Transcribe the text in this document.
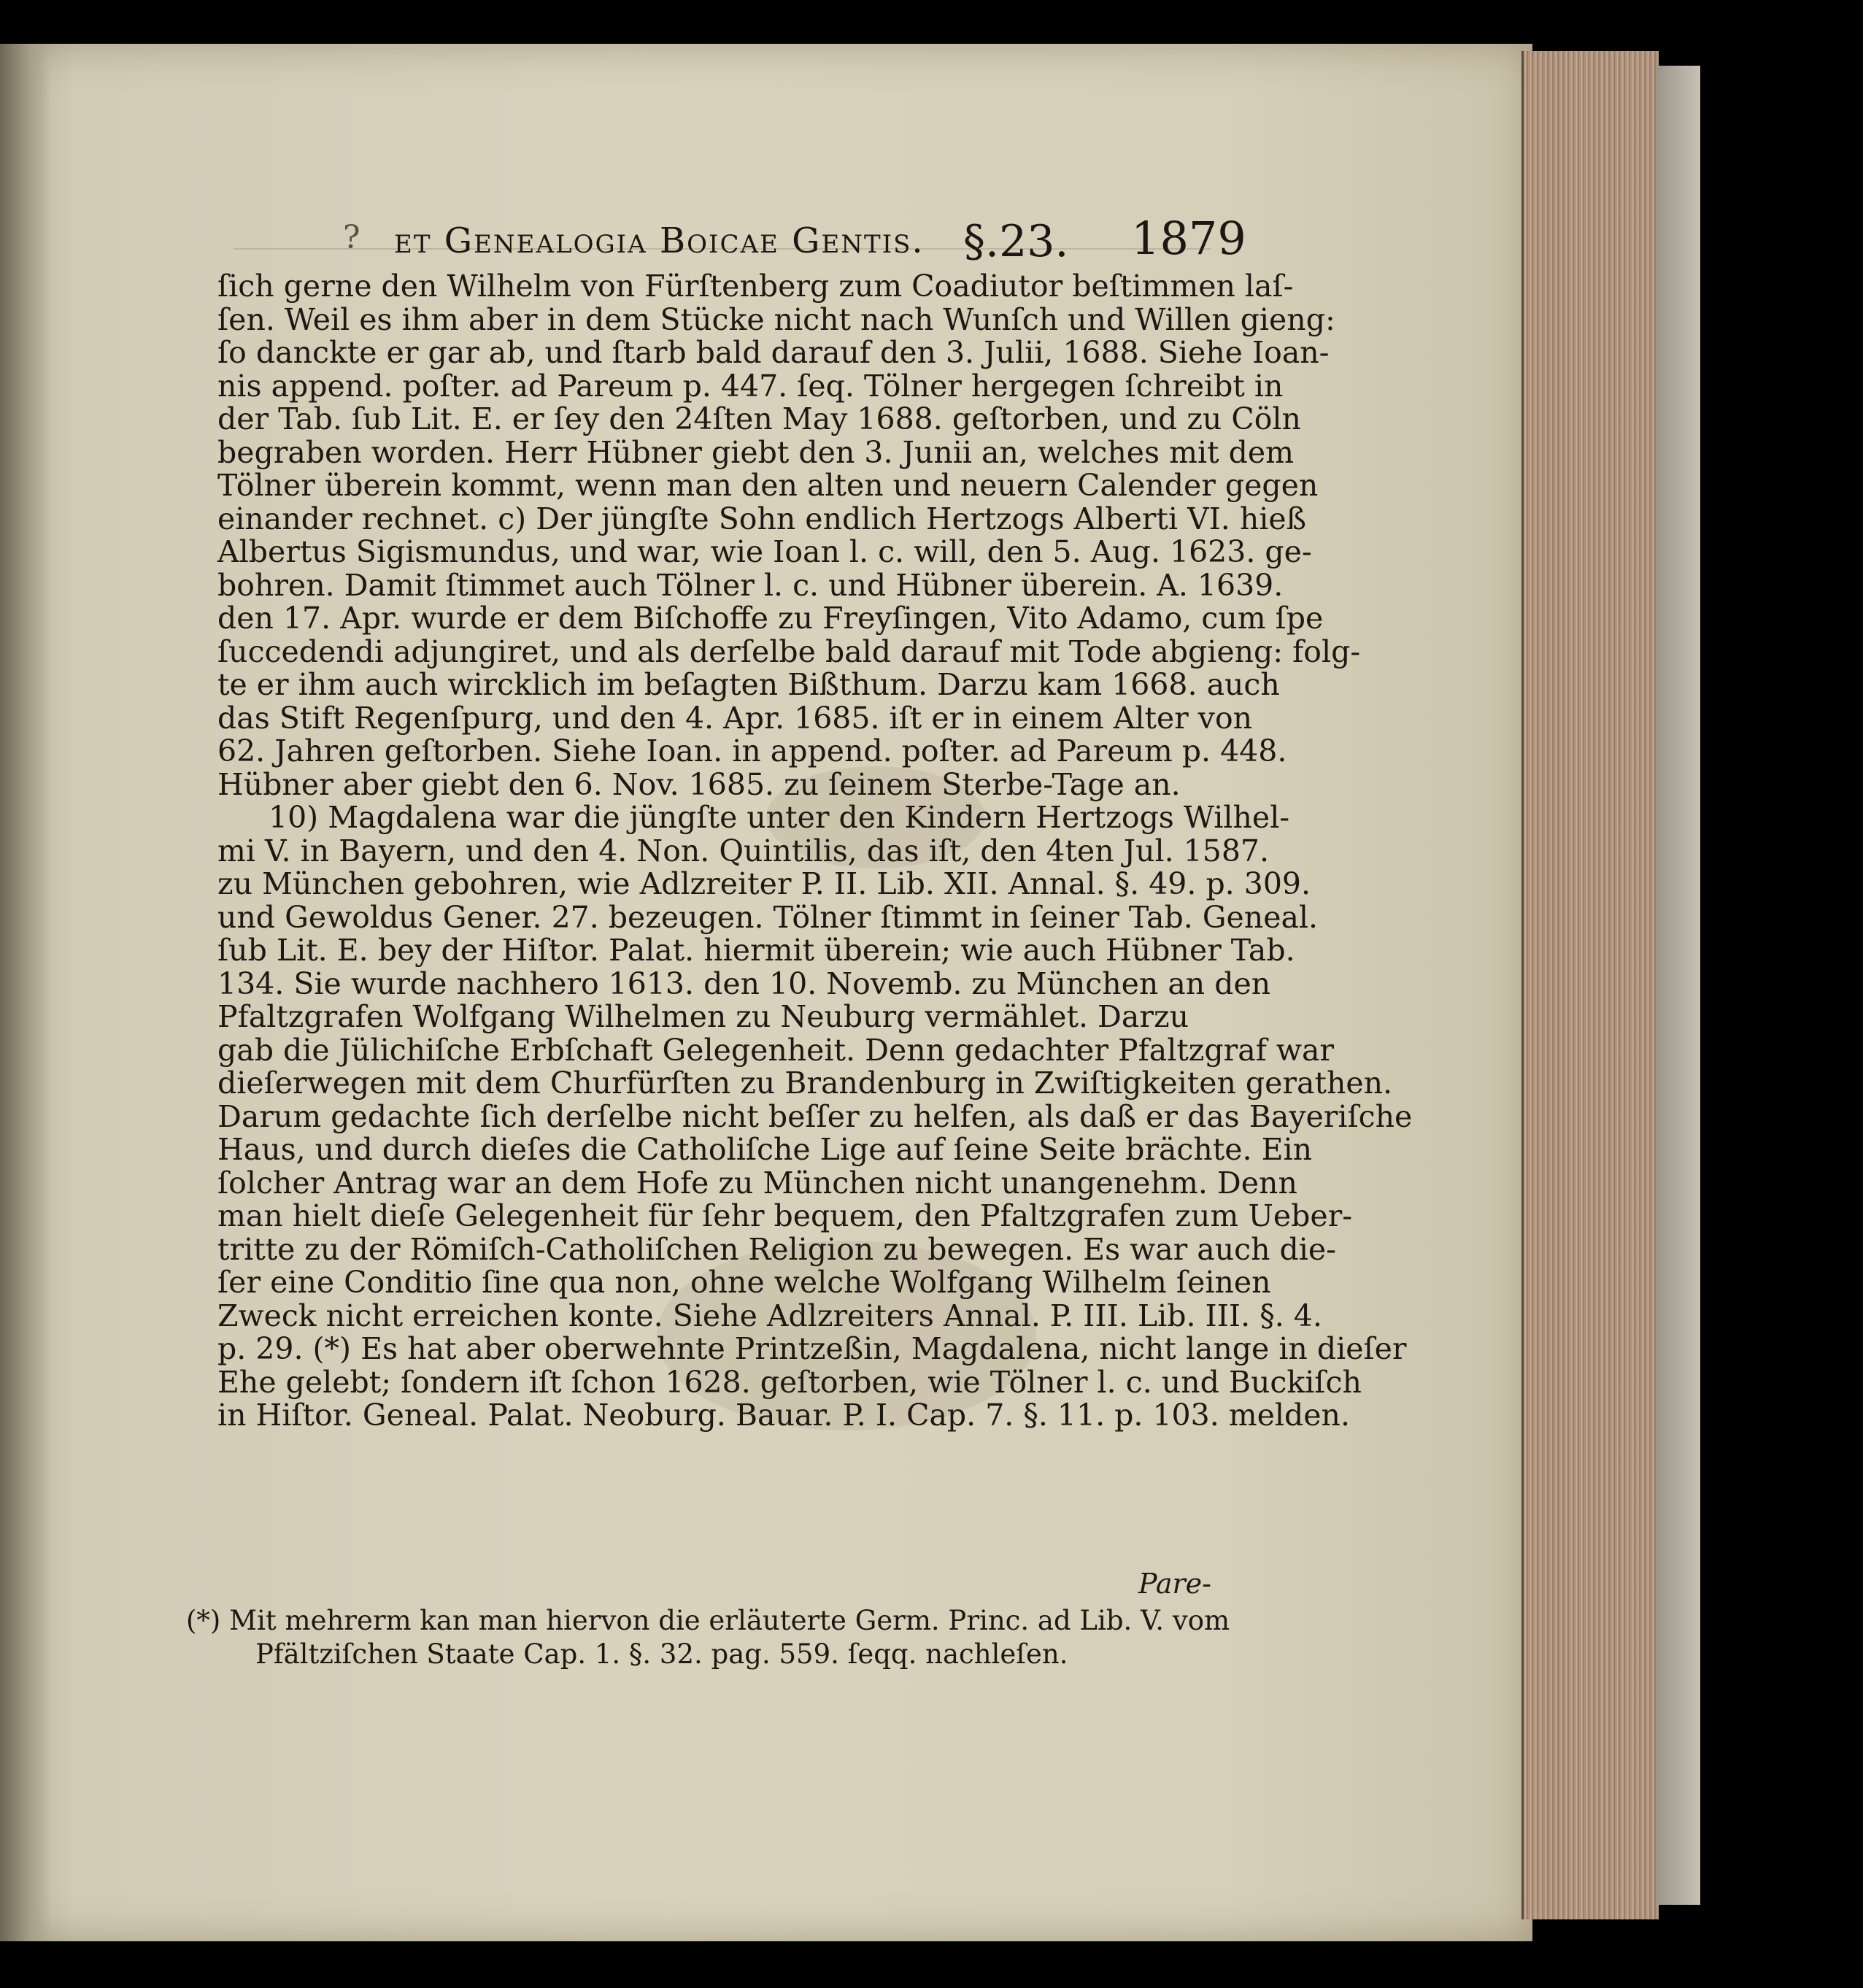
? et Genealogia Boicae Gentis. §.23. 1879
ſich gerne den Wilhelm von Fürſtenberg zum Coadiutor beſtimmen laſ-
ſen. Weil es ihm aber in dem Stücke nicht nach Wunſch und Willen gieng:
ſo danckte er gar ab, und ſtarb bald darauf den 3. Julii, 1688. Siehe Ioan-
nis append. poſter. ad Pareum p. 447. ſeq. Tölner hergegen ſchreibt in
der Tab. ſub Lit. E. er ſey den 24ſten May 1688. geſtorben, und zu Cöln
begraben worden. Herr Hübner giebt den 3. Junii an, welches mit dem
Tölner überein kommt, wenn man den alten und neuern Calender gegen
einander rechnet. c) Der jüngſte Sohn endlich Hertzogs Alberti VI. hieß
Albertus Sigismundus, und war, wie Ioan l. c. will, den 5. Aug. 1623. ge-
bohren. Damit ſtimmet auch Tölner l. c. und Hübner überein. A. 1639.
den 17. Apr. wurde er dem Biſchoffe zu Freyſingen, Vito Adamo, cum ſpe
ſuccedendi adjungiret, und als derſelbe bald darauf mit Tode abgieng: folg-
te er ihm auch wircklich im beſagten Bißthum. Darzu kam 1668. auch
das Stift Regenſpurg, und den 4. Apr. 1685. iſt er in einem Alter von
62. Jahren geſtorben. Siehe Ioan. in append. poſter. ad Pareum p. 448.
Hübner aber giebt den 6. Nov. 1685. zu ſeinem Sterbe-Tage an.
10) Magdalena war die jüngſte unter den Kindern Hertzogs Wilhel-
mi V. in Bayern, und den 4. Non. Quintilis, das iſt, den 4ten Jul. 1587.
zu München gebohren, wie Adlzreiter P. II. Lib. XII. Annal. §. 49. p. 309.
und Gewoldus Gener. 27. bezeugen. Tölner ſtimmt in ſeiner Tab. Geneal.
ſub Lit. E. bey der Hiſtor. Palat. hiermit überein; wie auch Hübner Tab.
134. Sie wurde nachhero 1613. den 10. Novemb. zu München an den
Pfaltzgrafen Wolfgang Wilhelmen zu Neuburg vermählet. Darzu
gab die Jülichiſche Erbſchaft Gelegenheit. Denn gedachter Pfaltzgraf war
dieſerwegen mit dem Churfürſten zu Brandenburg in Zwiſtigkeiten gerathen.
Darum gedachte ſich derſelbe nicht beſſer zu helfen, als daß er das Bayeriſche
Haus, und durch dieſes die Catholiſche Lige auf ſeine Seite brächte. Ein
ſolcher Antrag war an dem Hofe zu München nicht unangenehm. Denn
man hielt dieſe Gelegenheit für ſehr bequem, den Pfaltzgrafen zum Ueber-
tritte zu der Römiſch-Catholiſchen Religion zu bewegen. Es war auch die-
ſer eine Conditio ſine qua non, ohne welche Wolfgang Wilhelm ſeinen
Zweck nicht erreichen konte. Siehe Adlzreiters Annal. P. III. Lib. III. §. 4.
p. 29. (*) Es hat aber oberwehnte Printzeßin, Magdalena, nicht lange in dieſer
Ehe gelebt; ſondern iſt ſchon 1628. geſtorben, wie Tölner l. c. und Buckiſch
in Hiſtor. Geneal. Palat. Neoburg. Bauar. P. I. Cap. 7. §. 11. p. 103. melden.
Pare-
(*) Mit mehrerm kan man hiervon die erläuterte Germ. Princ. ad Lib. V. vom
Pfältziſchen Staate Cap. 1. §. 32. pag. 559. ſeqq. nachleſen.
